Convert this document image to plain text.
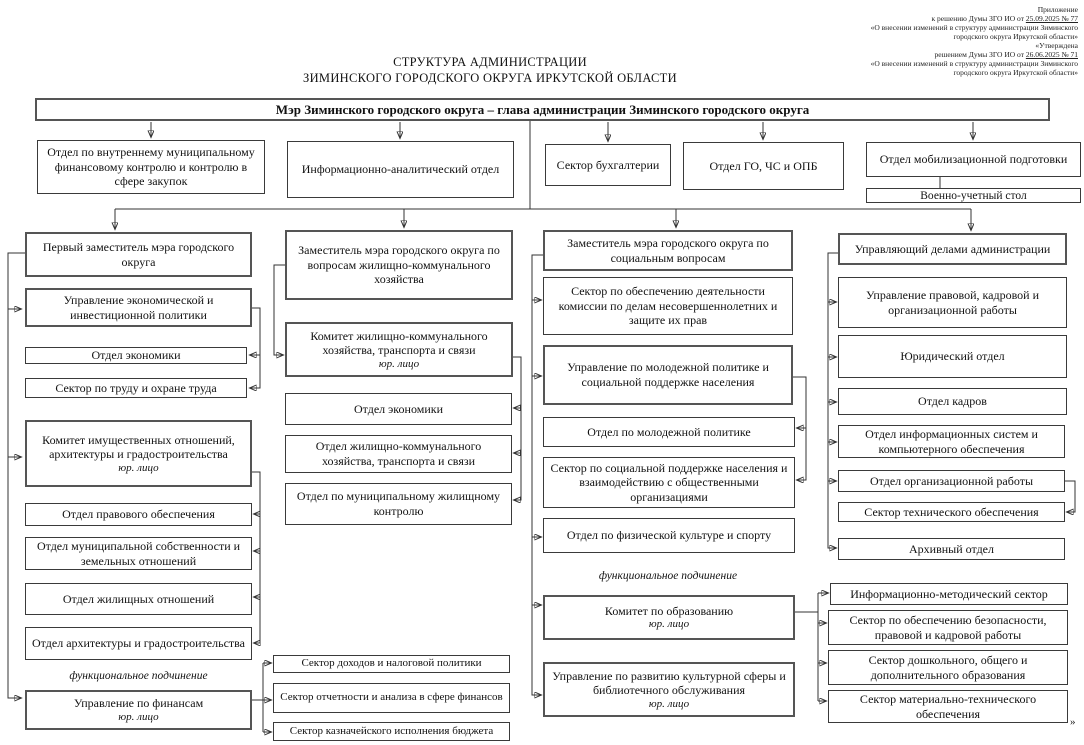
Приложение
к решению Думы ЗГО ИО от 25.09.2025 № 77
«О внесении изменений в структуру администрации Зиминского
городского округа Иркутской области»
«Утверждена
решением Думы ЗГО ИО от 26.06.2025 № 71
«О внесении изменений в структуру администрации Зиминского
городского округа Иркутской области»
СТРУКТУРА АДМИНИСТРАЦИИ
ЗИМИНСКОГО ГОРОДСКОГО ОКРУГА ИРКУТСКОЙ ОБЛАСТИ
Мэр Зиминского городского округа – глава администрации Зиминского городского округа
Отдел по внутреннему муниципальному финансовому контролю и контролю в сфере закупок
Информационно-аналитический отдел	Сектор бухгалтерии	Отдел ГО, ЧС и ОПБ	Отдел мобилизационной подготовки
Военно-учетный стол
Первый заместитель мэра городского округа
Управление экономической и инвестиционной политики
Отдел экономики
Сектор по труду и охране труда
Комитет имущественных отношений, архитектуры и градостроительства
юр. лицо
Отдел правового обеспечения
Отдел муниципальной собственности и земельных отношений
Отдел жилищных отношений
Отдел архитектуры и градостроительства
функциональное подчинение
Управление по финансам
юр. лицо
Сектор доходов и налоговой политики
Сектор отчетности и анализа в сфере финансов
Сектор казначейского исполнения бюджета
Заместитель мэра городского округа по вопросам жилищно-коммунального хозяйства
Комитет жилищно-коммунального хозяйства, транспорта и связи
юр. лицо
Отдел экономики
Отдел жилищно-коммунального хозяйства, транспорта и связи
Отдел по муниципальному жилищному контролю
Заместитель мэра городского округа по социальным вопросам
Сектор по обеспечению деятельности комиссии по делам несовершеннолетних и защите их прав
Управление по молодежной политике и социальной поддержке населения
Отдел по молодежной политике
Сектор по социальной поддержке населения и взаимодействию с общественными организациями
Отдел по физической культуре и спорту
функциональное подчинение
Комитет по образованию
юр. лицо
Управление по развитию культурной сферы и библиотечного обслуживания
юр. лицо
Управляющий делами администрации
Управление правовой, кадровой и организационной работы
Юридический отдел
Отдел кадров
Отдел информационных систем и компьютерного обеспечения
Отдел организационной работы
Сектор технического обеспечения
Архивный отдел
Информационно-методический сектор
Сектор по обеспечению безопасности, правовой и кадровой работы
Сектор дошкольного, общего и дополнительного образования
Сектор материально-технического обеспечения
»
